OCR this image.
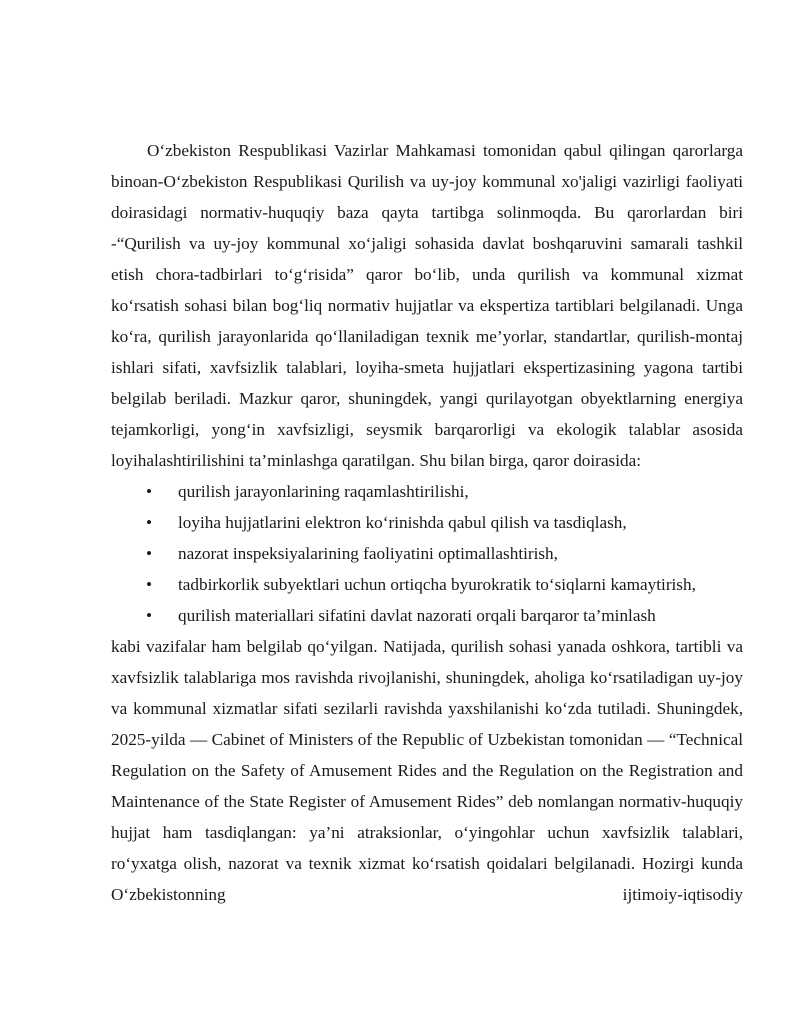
O‘zbekiston Respublikasi Vazirlar Mahkamasi tomonidan qabul qilingan qarorlarga binoan-O‘zbekiston Respublikasi Qurilish va uy-joy kommunal xo'jaligi vazirligi faoliyati doirasidagi normativ-huquqiy baza qayta tartibga solinmoqda. Bu qarorlardan biri -“Qurilish va uy-joy kommunal xo‘jaligi sohasida davlat boshqaruvini samarali tashkil etish chora-tadbirlari to‘g‘risida” qaror bo‘lib, unda qurilish va kommunal xizmat ko‘rsatish sohasi bilan bog‘liq normativ hujjatlar va ekspertiza tartiblari belgilanadi. Unga ko‘ra, qurilish jarayonlarida qo‘llaniladigan texnik me’yorlar, standartlar, qurilish-montaj ishlari sifati, xavfsizlik talablari, loyiha-smeta hujjatlari ekspertizasining yagona tartibi belgilab beriladi. Mazkur qaror, shuningdek, yangi qurilayotgan obyektlarning energiya tejamkorligi, yong‘in xavfsizligi, seysmik barqarorligi va ekologik talablar asosida loyihalashtirilishini ta’minlashga qaratilgan. Shu bilan birga, qaror doirasida:

• qurilish jarayonlarining raqamlashtirilishi,
• loyiha hujjatlarini elektron ko‘rinishda qabul qilish va tasdiqlash,
• nazorat inspeksiyalarining faoliyatini optimallashtirish,
• tadbirkorlik subyektlari uchun ortiqcha byurokratik to‘siqlarni kamaytirish,
• qurilish materiallari sifatini davlat nazorati orqali barqaror ta’minlash

kabi vazifalar ham belgilab qo‘yilgan. Natijada, qurilish sohasi yanada oshkora, tartibli va xavfsizlik talablariga mos ravishda rivojlanishi, shuningdek, aholiga ko‘rsatiladigan uy-joy va kommunal xizmatlar sifati sezilarli ravishda yaxshilanishi ko‘zda tutiladi. Shuningdek, 2025-yilda — Cabinet of Ministers of the Republic of Uzbekistan tomonidan — “Technical Regulation on the Safety of Amusement Rides and the Regulation on the Registration and Maintenance of the State Register of Amusement Rides” deb nomlangan normativ-huquqiy hujjat ham tasdiqlangan: ya’ni atraksionlar, o‘yingohlar uchun xavfsizlik talablari, ro‘yxatga olish, nazorat va texnik xizmat ko‘rsatish qoidalari belgilanadi. Hozirgi kunda O‘zbekistonning ijtimoiy-iqtisodiy
